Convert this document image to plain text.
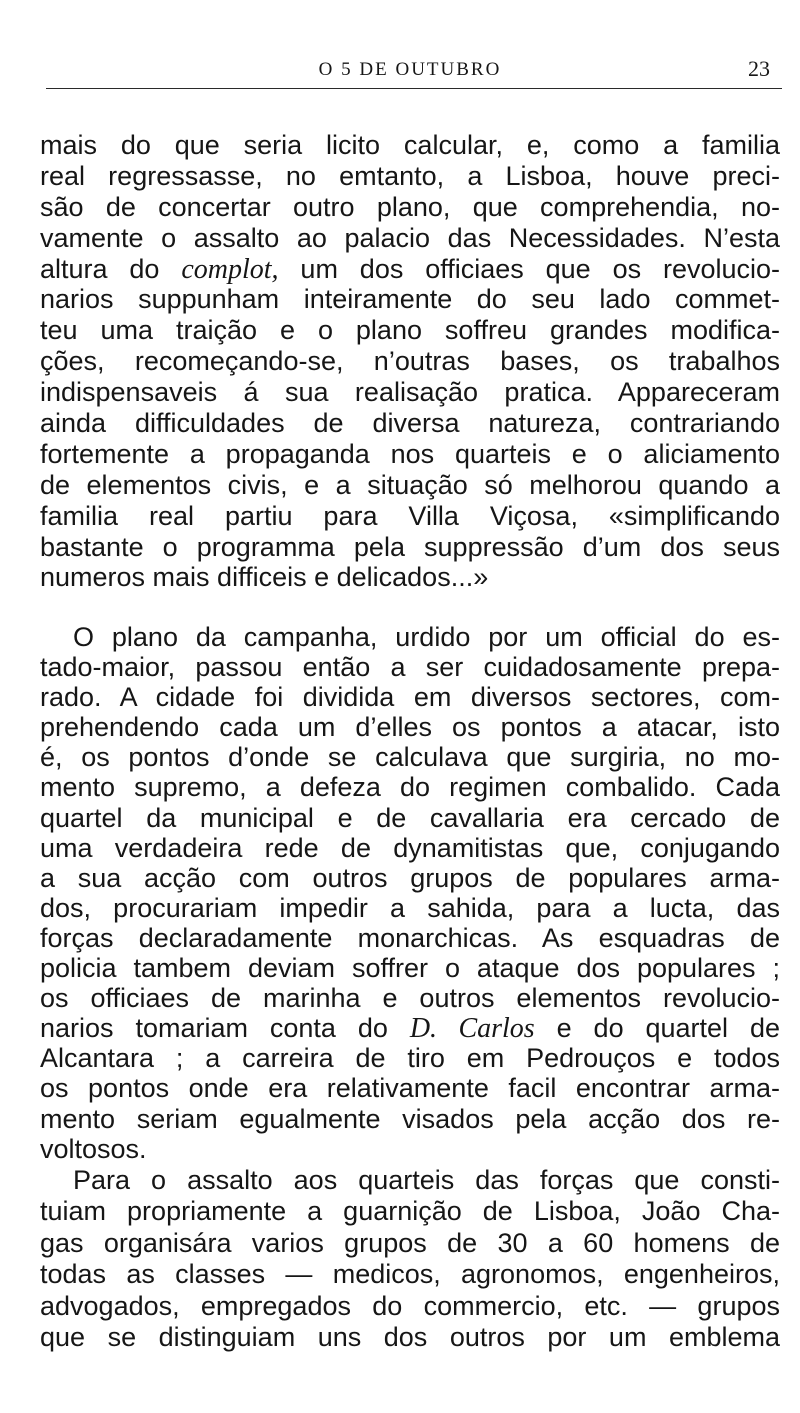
O 5 DE OUTUBRO	23
mais do que seria licito calcular, e, como a familia
real regressasse, no emtanto, a Lisboa, houve preci-
são de concertar outro plano, que comprehendia, no-
vamente o assalto ao palacio das Necessidades. N’esta
altura do complot, um dos officiaes que os revolucio-
narios suppunham inteiramente do seu lado commet-
teu uma traição e o plano soffreu grandes modifica-
ções, recomeçando-se, n’outras bases, os trabalhos
indispensaveis á sua realisação pratica. Appareceram
ainda difficuldades de diversa natureza, contrariando
fortemente a propaganda nos quarteis e o aliciamento
de elementos civis, e a situação só melhorou quando a
familia real partiu para Villa Viçosa, «simplificando
bastante o programma pela suppressão d’um dos seus
numeros mais difficeis e delicados...»
O plano da campanha, urdido por um official do es-
tado-maior, passou então a ser cuidadosamente prepa-
rado. A cidade foi dividida em diversos sectores, com-
prehendendo cada um d’elles os pontos a atacar, isto
é, os pontos d’onde se calculava que surgiria, no mo-
mento supremo, a defeza do regimen combalido. Cada
quartel da municipal e de cavallaria era cercado de
uma verdadeira rede de dynamitistas que, conjugando
a sua acção com outros grupos de populares arma-
dos, procurariam impedir a sahida, para a lucta, das
forças declaradamente monarchicas. As esquadras de
policia tambem deviam soffrer o ataque dos populares ;
os officiaes de marinha e outros elementos revolucio-
narios tomariam conta do D. Carlos e do quartel de
Alcantara ; a carreira de tiro em Pedrouços e todos
os pontos onde era relativamente facil encontrar arma-
mento seriam egualmente visados pela acção dos re-
voltosos.
Para o assalto aos quarteis das forças que consti-
tuiam propriamente a guarnição de Lisboa, João Cha-
gas organisára varios grupos de 30 a 60 homens de
todas as classes — medicos, agronomos, engenheiros,
advogados, empregados do commercio, etc. — grupos
que se distinguiam uns dos outros por um emblema
